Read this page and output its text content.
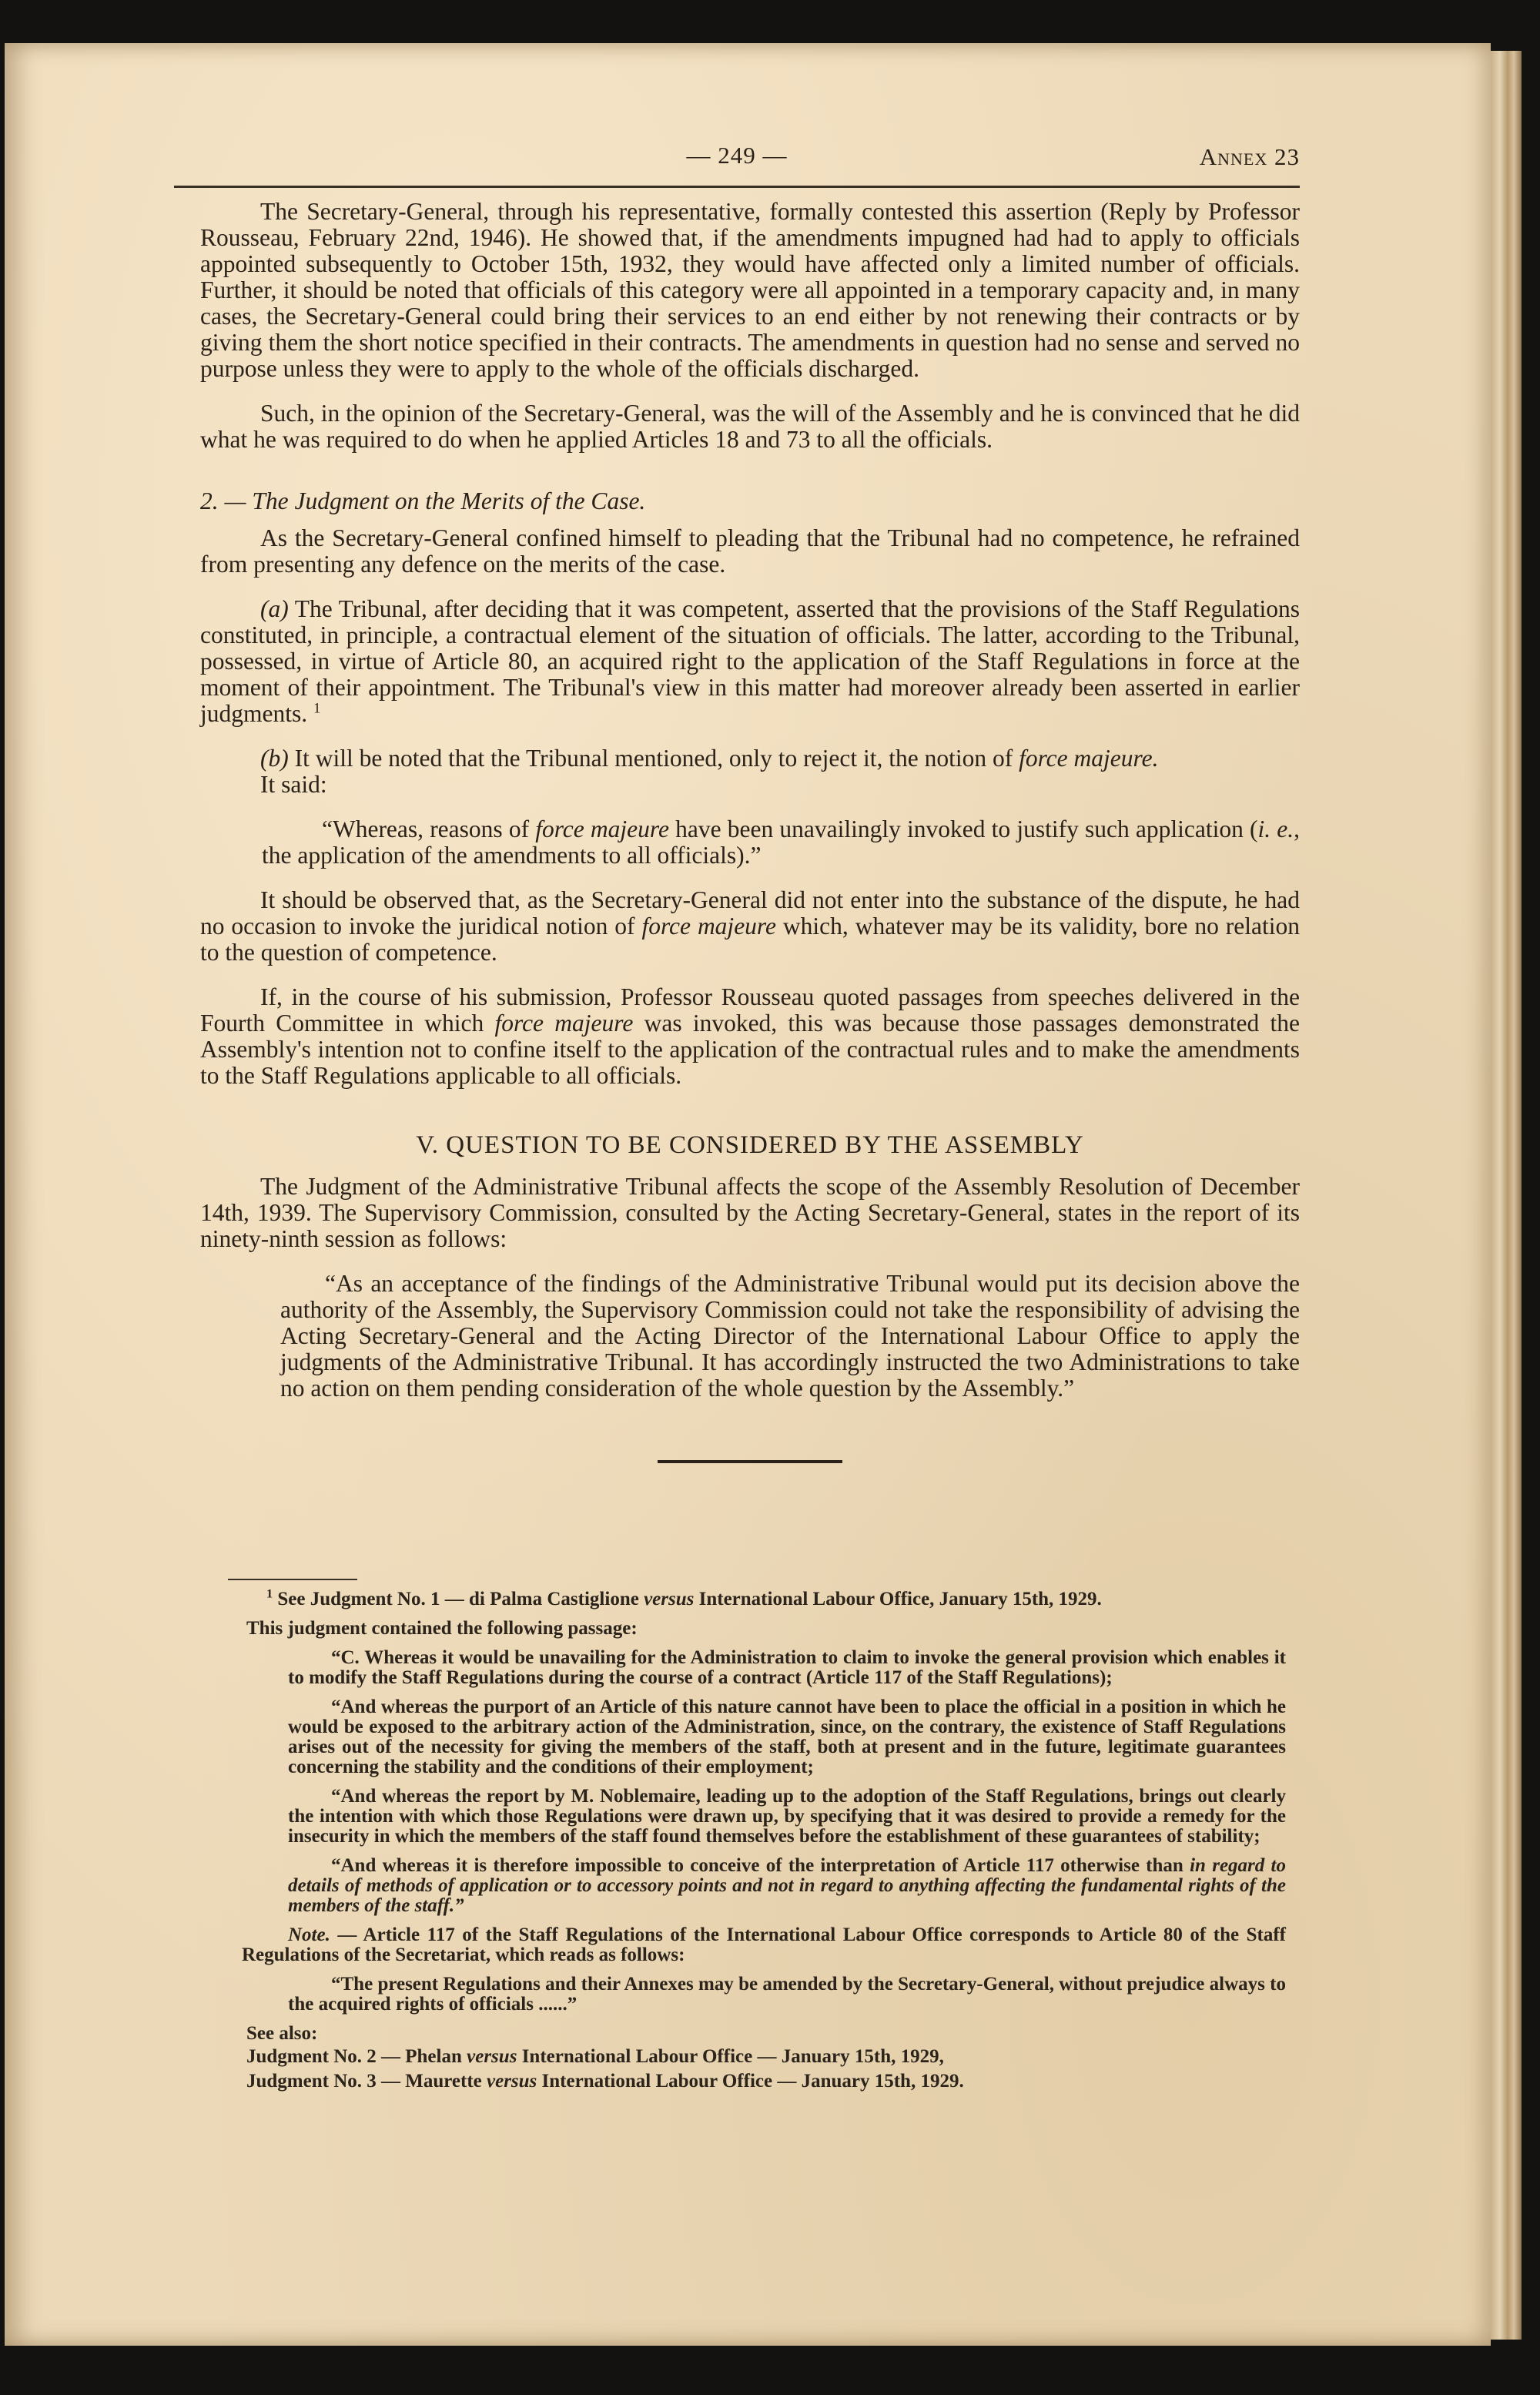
— 249 —	Annex 23

The Secretary-General, through his representative, formally contested this assertion (Reply by Professor Rousseau, February 22nd, 1946). He showed that, if the amendments impugned had had to apply to officials appointed subsequently to October 15th, 1932, they would have affected only a limited number of officials. Further, it should be noted that officials of this category were all appointed in a temporary capacity and, in many cases, the Secretary-General could bring their services to an end either by not renewing their contracts or by giving them the short notice specified in their contracts. The amendments in question had no sense and served no purpose unless they were to apply to the whole of the officials discharged.

Such, in the opinion of the Secretary-General, was the will of the Assembly and he is convinced that he did what he was required to do when he applied Articles 18 and 73 to all the officials.

2. — The Judgment on the Merits of the Case.

As the Secretary-General confined himself to pleading that the Tribunal had no competence, he refrained from presenting any defence on the merits of the case.

(a) The Tribunal, after deciding that it was competent, asserted that the provisions of the Staff Regulations constituted, in principle, a contractual element of the situation of officials. The latter, according to the Tribunal, possessed, in virtue of Article 80, an acquired right to the application of the Staff Regulations in force at the moment of their appointment. The Tribunal's view in this matter had moreover already been asserted in earlier judgments. $^1$

(b) It will be noted that the Tribunal mentioned, only to reject it, the notion of force majeure.

It said:

“Whereas, reasons of force majeure have been unavailingly invoked to justify such application (i. e., the application of the amendments to all officials).”

It should be observed that, as the Secretary-General did not enter into the substance of the dispute, he had no occasion to invoke the juridical notion of force majeure which, whatever may be its validity, bore no relation to the question of competence.

If, in the course of his submission, Professor Rousseau quoted passages from speeches delivered in the Fourth Committee in which force majeure was invoked, this was because those passages demonstrated the Assembly's intention not to confine itself to the application of the contractual rules and to make the amendments to the Staff Regulations applicable to all officials.

V. QUESTION TO BE CONSIDERED BY THE ASSEMBLY

The Judgment of the Administrative Tribunal affects the scope of the Assembly Resolution of December 14th, 1939. The Supervisory Commission, consulted by the Acting Secretary-General, states in the report of its ninety-ninth session as follows:

“As an acceptance of the findings of the Administrative Tribunal would put its decision above the authority of the Assembly, the Supervisory Commission could not take the responsibility of advising the Acting Secretary-General and the Acting Director of the International Labour Office to apply the judgments of the Administrative Tribunal. It has accordingly instructed the two Administrations to take no action on them pending consideration of the whole question by the Assembly.”

$^1$ See Judgment No. 1 — di Palma Castiglione versus International Labour Office, January 15th, 1929.

This judgment contained the following passage:

“C. Whereas it would be unavailing for the Administration to claim to invoke the general provision which enables it to modify the Staff Regulations during the course of a contract (Article 117 of the Staff Regulations);

“And whereas the purport of an Article of this nature cannot have been to place the official in a position in which he would be exposed to the arbitrary action of the Administration, since, on the contrary, the existence of Staff Regulations arises out of the necessity for giving the members of the staff, both at present and in the future, legitimate guarantees concerning the stability and the conditions of their employment;

“And whereas the report by M. Noblemaire, leading up to the adoption of the Staff Regulations, brings out clearly the intention with which those Regulations were drawn up, by specifying that it was desired to provide a remedy for the insecurity in which the members of the staff found themselves before the establishment of these guarantees of stability;

“And whereas it is therefore impossible to conceive of the interpretation of Article 117 otherwise than in regard to details of methods of application or to accessory points and not in regard to anything affecting the fundamental rights of the members of the staff.”

Note. — Article 117 of the Staff Regulations of the International Labour Office corresponds to Article 80 of the Staff Regulations of the Secretariat, which reads as follows:

“The present Regulations and their Annexes may be amended by the Secretary-General, without prejudice always to the acquired rights of officials ......”

See also:

Judgment No. 2 — Phelan versus International Labour Office — January 15th, 1929,

Judgment No. 3 — Maurette versus International Labour Office — January 15th, 1929.
